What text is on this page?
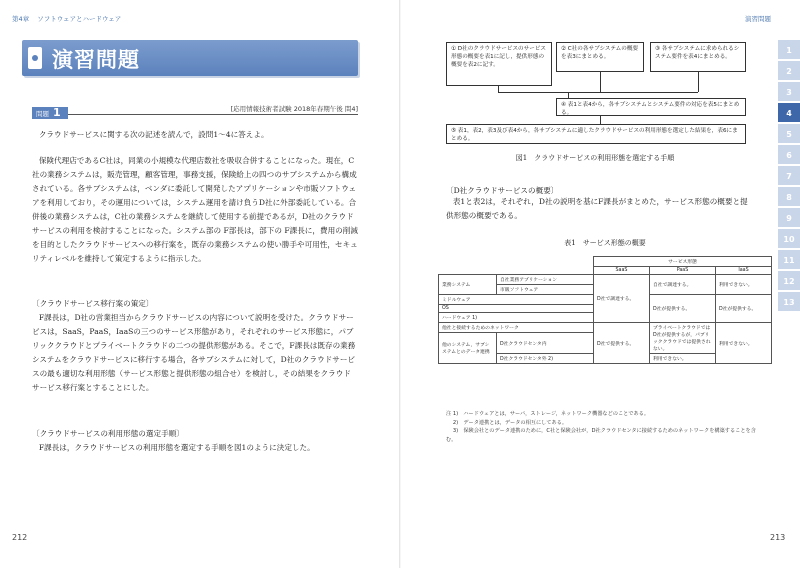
第4章 ソフトウェアとハードウェア
演習問題
[応用情報技術者試験 2018年春期午後 問4]
問題 1

クラウドサービスに関する次の記述を読んで，設問1～4に答えよ。

保険代理店であるC社は，同業の小規模な代理店数社を吸収合併することになった。現在，C社の業務システムは，販売管理，顧客管理，事務支援，保険給上の四つのサブシステムから構成されている。各サブシステムは，ベンダに委託して開発したアプリケーションや市販ソフトウェアを利用しており，その運用については，システム運用を請け負うD社に外部委託している。合併後の業務システムは，C社の業務システムを継続して使用する前提であるが，D社のクラウドサービスの利用を検討することになった。システム部の F部長は，部下の F課長に，費用の削減を目的としたクラウドサービスへの移行案を，既存の業務システムの使い勝手や可用性，セキュリティレベルを維持して策定するように指示した。

〔クラウドサービス移行案の策定〕

F課長は，D社の営業担当からクラウドサービスの内容について説明を受けた。クラウドサービスは，SaaS，PaaS，IaaSの三つのサービス形態があり，それぞれのサービス形態に，パブリッククラウドとプライベートクラウドの二つの提供形態がある。そこで，F課長は既存の業務システムをクラウドサービスに移行する場合，各サブシステムに対して，D社のクラウドサービスの最も適切な利用形態（サービス形態と提供形態の組合せ）を検討し，その結果をクラウドサービス移行案とすることにした。

〔クラウドサービスの利用形態の選定手順〕

F課長は，クラウドサービスの利用形態を選定する手順を図1のように決定した。

212
演習問題
① D社のクラウドサービスのサービス形態の概要を表1に記し，提供形態の概要を表2に記す。
② C社の各サブシステムの概要を表3にまとめる。
③ 各サブシステムに求められるシステム要件を表4にまとめる。
④ 表1と表4から，各サブシステムとシステム要件の対応を表5にまとめる。
⑤ 表1，表2，表3及び表4から，各サブシステムに適したクラウドサービスの利用形態を選定した結果を，表6にまとめる。
図1　クラウドサービスの利用形態を選定する手順
〔D社クラウドサービスの概要〕

表1と表2は，それぞれ，D社の説明を基にF課長がまとめた，サービス形態の概要と提供形態の概要である。

表1　サービス形態の概要
		サービス形態		
		SaaS	PaaS	IaaS
業務システム	自社業務アプリケーション	D社で調達する。	自社で調達する。	利用できない。
	市販ソフトウェア			
ミドルウェア			D社が提供する。	D社が提供する。
OS				
ハードウェア 1)				
他社と接続するためのネットワーク		D社で提供する。	プライベートクラウドでは D社が提供するが，パブリッククラウドでは提供されない。	利用できない。
他のシステム，サブシステムとのデータ連携	D社クラウドセンタ内			
	D社クラウドセンタ外 2)		利用できない。	
注 1)　ハードウェアとは，サーバ，ストレージ，ネットワーク機器などのことである。
　 2)　データ連携とは，データの相互にしてある。
　 3)　保険会社とのデータ連携のために，C社と保険会社が，D社クラウドセンタに接続するためのネットワークを構築することを含む。
213
1
2
3
4
5
6
7
8
9
10
11
12
13
